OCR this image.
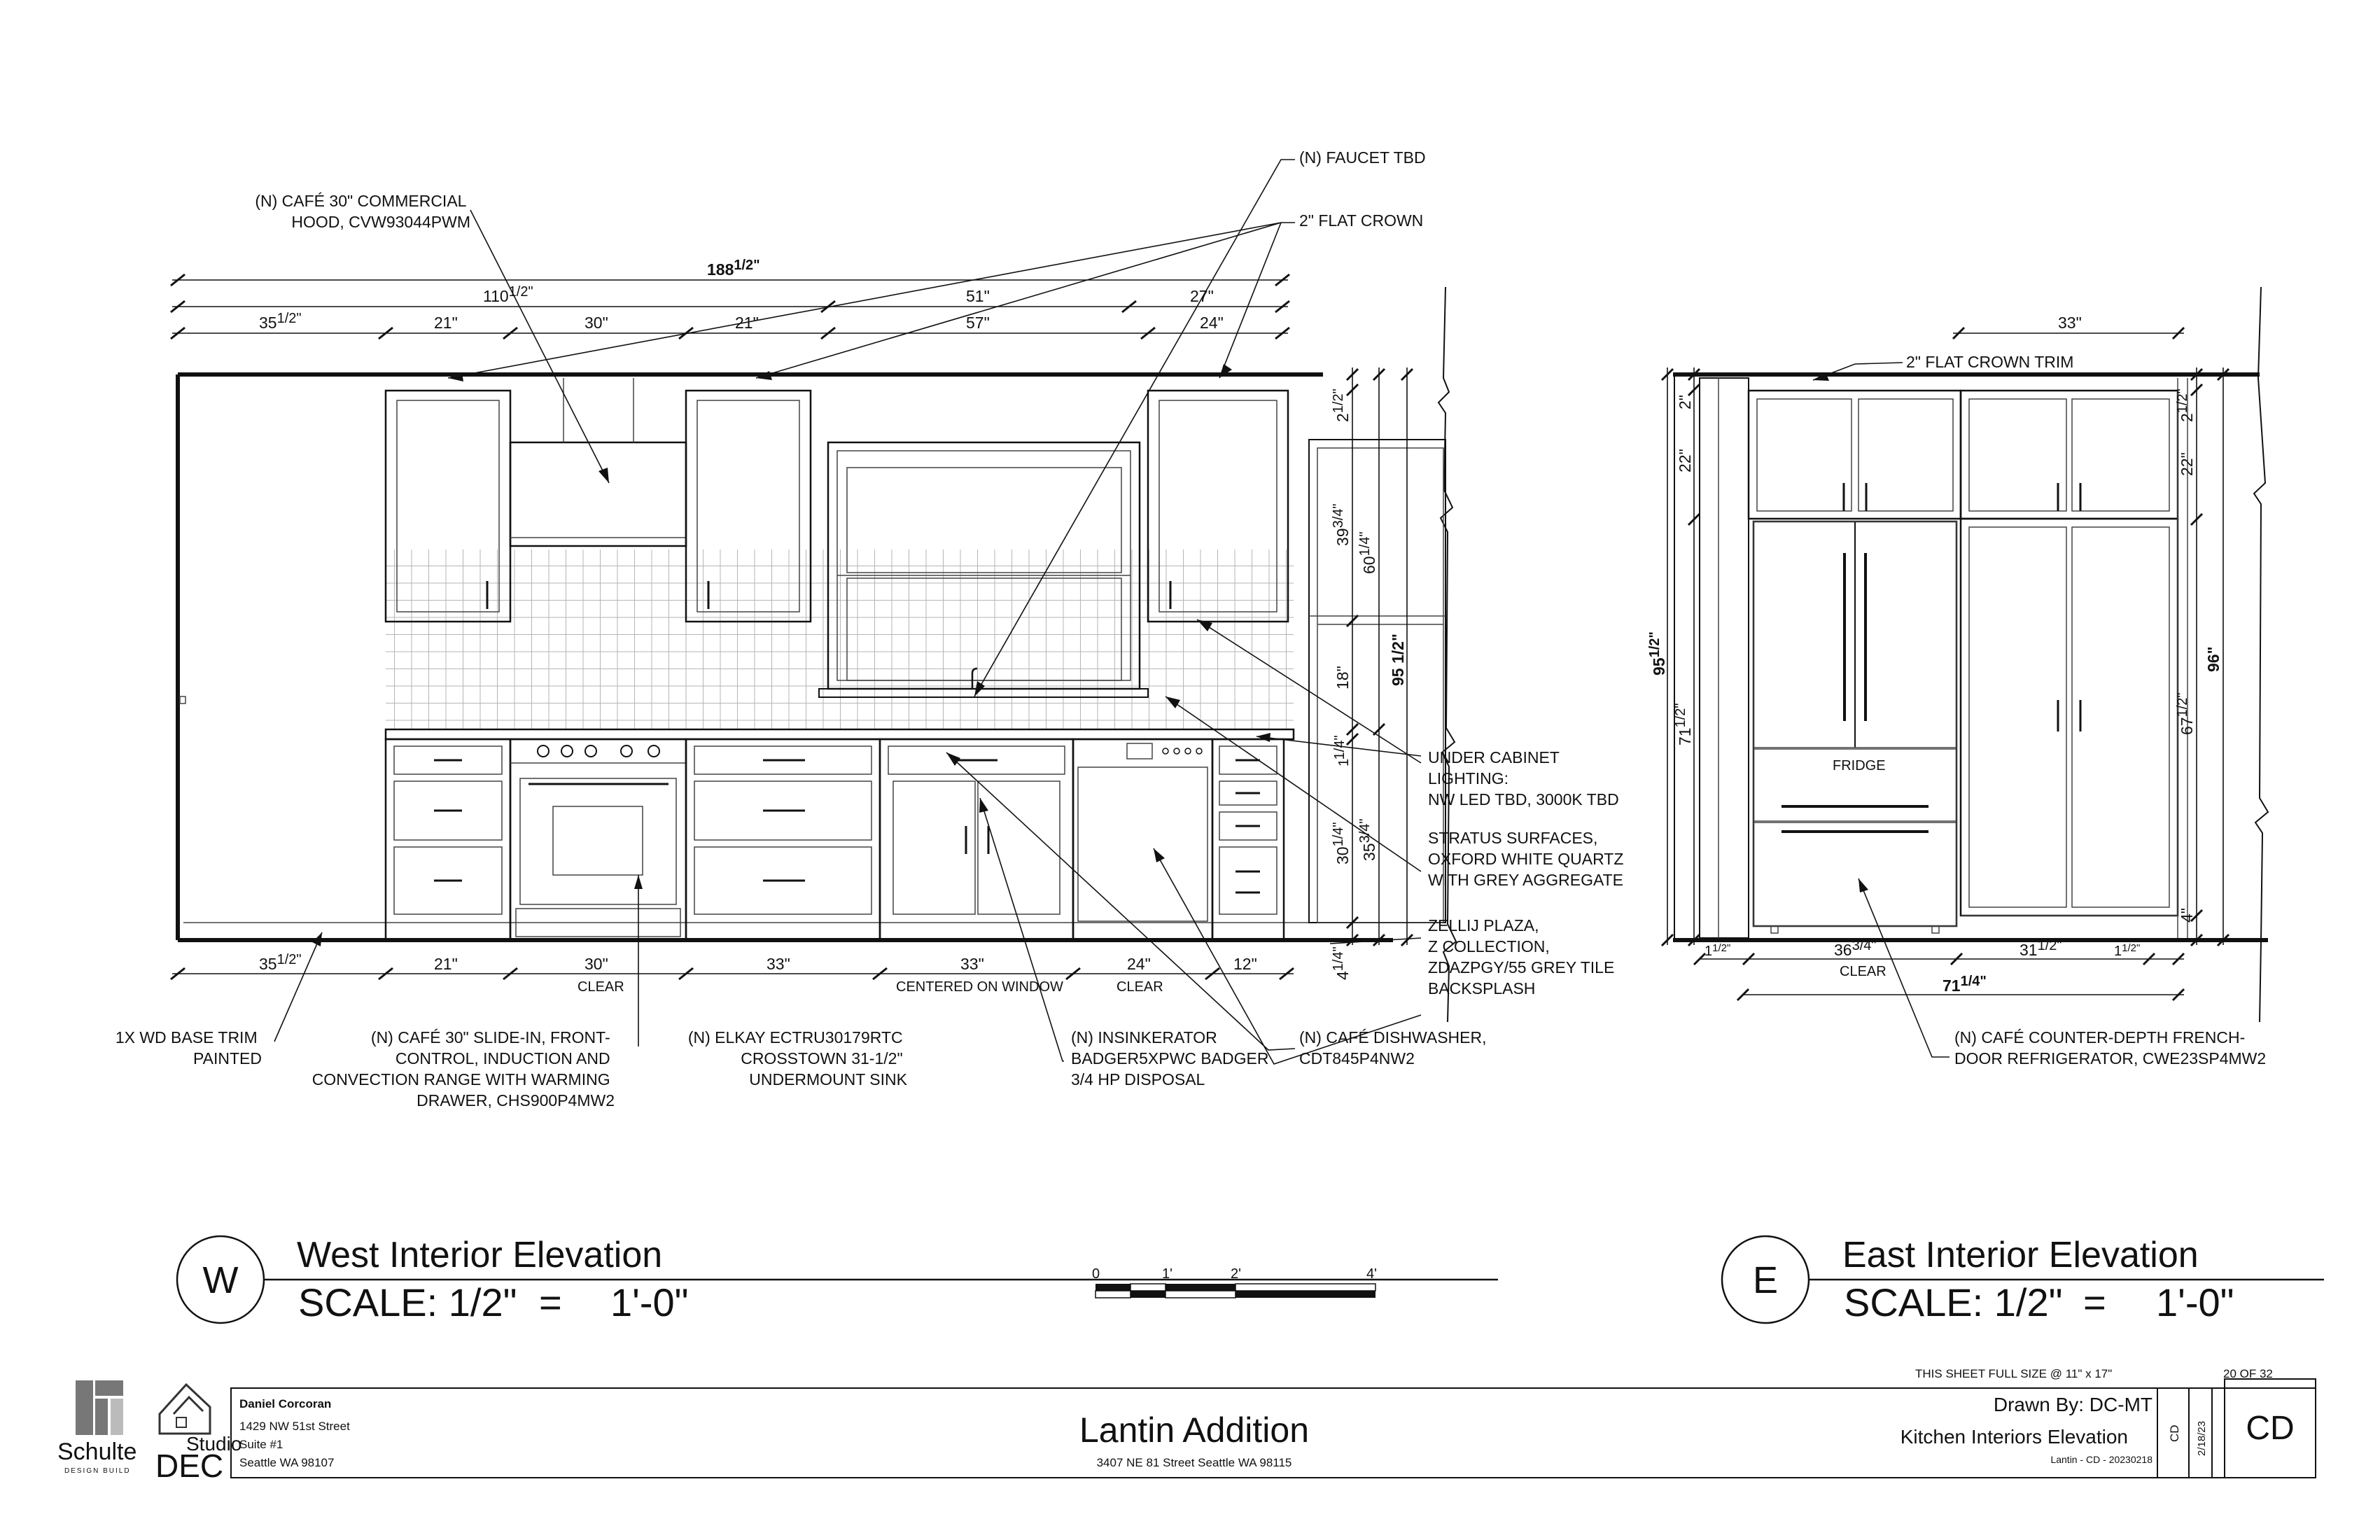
1881/2"
1101/2"	51"	27"
351/2"	21"	30"	21"	57"	24"
351/2"	21"	30"	33"	33"	24"	12"
CLEAR	CENTERED ON WINDOW	CLEAR
21/2"
393/4"
601/4"
18" 95 1/2"
11/4"
301/4"
353/4"
41/4"
FRIDGE
33"
2"
22"
951/2"
711/2"
21/2"
22"
96"
671/2"
4"
$1^{1/2"}$	363/4"	311/2"	$1^{1/2"}$
CLEAR
711/4"
(N) CAFÉ 30" COMMERCIAL HOOD, CVW93044PWM
(N) FAUCET TBD
2" FLAT CROWN
UNDER CABINET LIGHTING: NW LED TBD, 3000K TBD
STRATUS SURFACES, OXFORD WHITE QUARTZ WITH GREY AGGREGATE
ZELLIJ PLAZA, Z COLLECTION, ZDAZPGY/55 GREY TILE BACKSPLASH
1X WD BASE TRIM PAINTED
(N) CAFÉ 30" SLIDE-IN, FRONT- CONTROL, INDUCTION AND CONVECTION RANGE WITH WARMING DRAWER, CHS900P4MW2
(N) ELKAY ECTRU30179RTC CROSSTOWN 31-1/2" UNDERMOUNT SINK
(N) INSINKERATOR BADGER5XPWC BADGER 3/4 HP DISPOSAL
(N) CAFÉ DISHWASHER, CDT845P4NW2
2" FLAT CROWN TRIM
(N) CAFÉ COUNTER-DEPTH FRENCH- DOOR REFRIGERATOR, CWE23SP4MW2
W
West Interior Elevation
SCALE: 1/2" = 1'-0"	E
East Interior Elevation
SCALE: 1/2" = 1'-0"
0	1'	2'	4'
Schulte
DESIGN BUILD
Studio
DEC
Daniel Corcoran
1429 NW 51st Street
Suite #1
Seattle WA 98107
Lantin Addition
3407 NE 81 Street Seattle WA 98115
THIS SHEET FULL SIZE @ 11" x 17"	20 OF 32
Drawn By: DC-MT
Kitchen Interiors Elevation
Lantin - CD - 20230218
CD 2/18/23 CD
